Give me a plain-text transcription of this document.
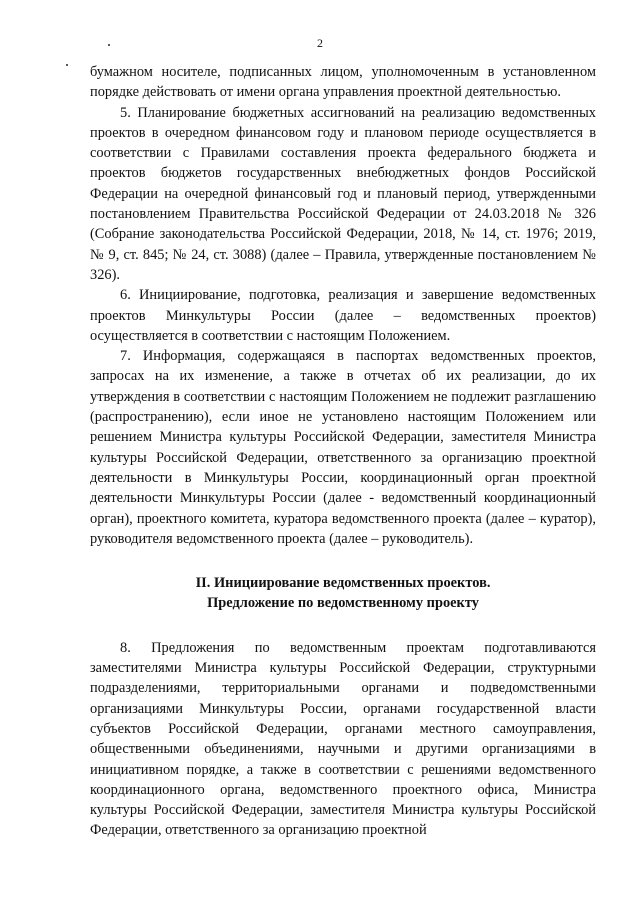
2

бумажном носителе, подписанных лицом, уполномоченным в установленном порядке действовать от имени органа управления проектной деятельностью.

5. Планирование бюджетных ассигнований на реализацию ведомственных проектов в очередном финансовом году и плановом периоде осуществляется в соответствии с Правилами составления проекта федерального бюджета и проектов бюджетов государственных внебюджетных фондов Российской Федерации на очередной финансовый год и плановый период, утвержденными постановлением Правительства Российской Федерации от 24.03.2018 № 326 (Собрание законодательства Российской Федерации, 2018, № 14, ст. 1976; 2019, № 9, ст. 845; № 24, ст. 3088) (далее – Правила, утвержденные постановлением № 326).

6. Инициирование, подготовка, реализация и завершение ведомственных проектов Минкультуры России (далее – ведомственных проектов) осуществляется в соответствии с настоящим Положением.

7. Информация, содержащаяся в паспортах ведомственных проектов, запросах на их изменение, а также в отчетах об их реализации, до их утверждения в соответствии с настоящим Положением не подлежит разглашению (распространению), если иное не установлено настоящим Положением или решением Министра культуры Российской Федерации, заместителя Министра культуры Российской Федерации, ответственного за организацию проектной деятельности в Минкультуры России, координационный орган проектной деятельности Минкультуры России (далее - ведомственный координационный орган), проектного комитета, куратора ведомственного проекта (далее – куратор), руководителя ведомственного проекта (далее – руководитель).

II. Инициирование ведомственных проектов.

Предложение по ведомственному проекту

8. Предложения по ведомственным проектам подготавливаются заместителями Министра культуры Российской Федерации, структурными подразделениями, территориальными органами и подведомственными организациями Минкультуры России, органами государственной власти субъектов Российской Федерации, органами местного самоуправления, общественными объединениями, научными и другими организациями в инициативном порядке, а также в соответствии с решениями ведомственного координационного органа, ведомственного проектного офиса, Министра культуры Российской Федерации, заместителя Министра культуры Российской Федерации, ответственного за организацию проектной
